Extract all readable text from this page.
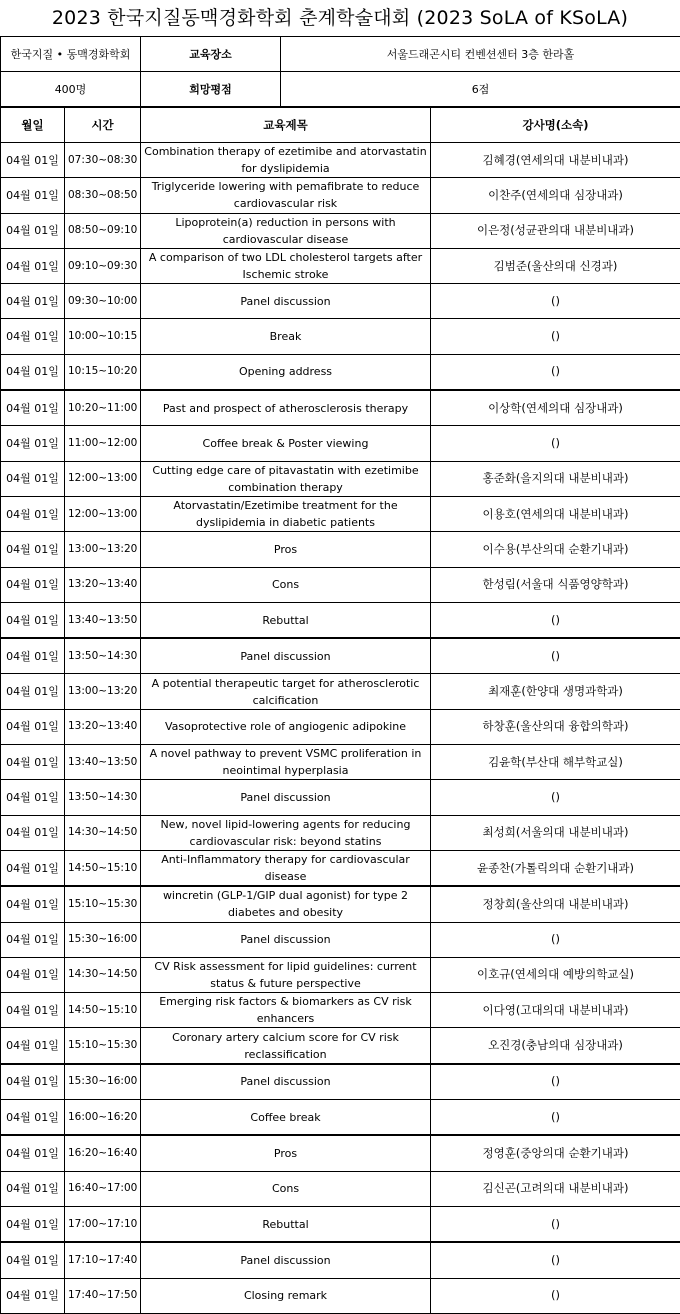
2023 한국지질동맥경화학회 춘계학술대회 (2023 SoLA of KSoLA)
한국지질 • 동맥경화학회	교육장소	서울드래곤시티 컨벤션센터 3층 한라홀
400명	희망평점	6점
월일	시간	교육제목	강사명(소속)
04월 01일	07:30~08:30	Combination therapy of ezetimibe and atorvastatin for dyslipidemia	김혜경(연세의대 내분비내과)
04월 01일	08:30~08:50	Triglyceride lowering with pemafibrate to reduce cardiovascular risk	이찬주(연세의대 심장내과)
04월 01일	08:50~09:10	Lipoprotein(a) reduction in persons with cardiovascular disease	이은정(성균관의대 내분비내과)
04월 01일	09:10~09:30	A comparison of two LDL cholesterol targets after Ischemic stroke	김범준(울산의대 신경과)
04월 01일	09:30~10:00	Panel discussion	()
04월 01일	10:00~10:15	Break	()
04월 01일	10:15~10:20	Opening address	()
04월 01일	10:20~11:00	Past and prospect of atherosclerosis therapy	이상학(연세의대 심장내과)
04월 01일	11:00~12:00	Coffee break & Poster viewing	()
04월 01일	12:00~13:00	Cutting edge care of pitavastatin with ezetimibe combination therapy	홍준화(을지의대 내분비내과)
04월 01일	12:00~13:00	Atorvastatin/Ezetimibe treatment for the dyslipidemia in diabetic patients	이용호(연세의대 내분비내과)
04월 01일	13:00~13:20	Pros	이수용(부산의대 순환기내과)
04월 01일	13:20~13:40	Cons	한성림(서울대 식품영양학과)
04월 01일	13:40~13:50	Rebuttal	()
04월 01일	13:50~14:30	Panel discussion	()
04월 01일	13:00~13:20	A potential therapeutic target for atherosclerotic calcification	최재훈(한양대 생명과학과)
04월 01일	13:20~13:40	Vasoprotective role of angiogenic adipokine	하창훈(울산의대 융합의학과)
04월 01일	13:40~13:50	A novel pathway to prevent VSMC proliferation in neointimal hyperplasia	김윤학(부산대 해부학교실)
04월 01일	13:50~14:30	Panel discussion	()
04월 01일	14:30~14:50	New, novel lipid-lowering agents for reducing cardiovascular risk: beyond statins	최성희(서울의대 내분비내과)
04월 01일	14:50~15:10	Anti-Inflammatory therapy for cardiovascular disease	윤종찬(가톨릭의대 순환기내과)
04월 01일	15:10~15:30	wincretin (GLP-1/GIP dual agonist) for type 2 diabetes and obesity	정창희(울산의대 내분비내과)
04월 01일	15:30~16:00	Panel discussion	()
04월 01일	14:30~14:50	CV Risk assessment for lipid guidelines: current status & future perspective	이호규(연세의대 예방의학교실)
04월 01일	14:50~15:10	Emerging risk factors & biomarkers as CV risk enhancers	이다영(고대의대 내분비내과)
04월 01일	15:10~15:30	Coronary artery calcium score for CV risk reclassification	오진경(충남의대 심장내과)
04월 01일	15:30~16:00	Panel discussion	()
04월 01일	16:00~16:20	Coffee break	()
04월 01일	16:20~16:40	Pros	정영훈(중앙의대 순환기내과)
04월 01일	16:40~17:00	Cons	김신곤(고려의대 내분비내과)
04월 01일	17:00~17:10	Rebuttal	()
04월 01일	17:10~17:40	Panel discussion	()
04월 01일	17:40~17:50	Closing remark	()
